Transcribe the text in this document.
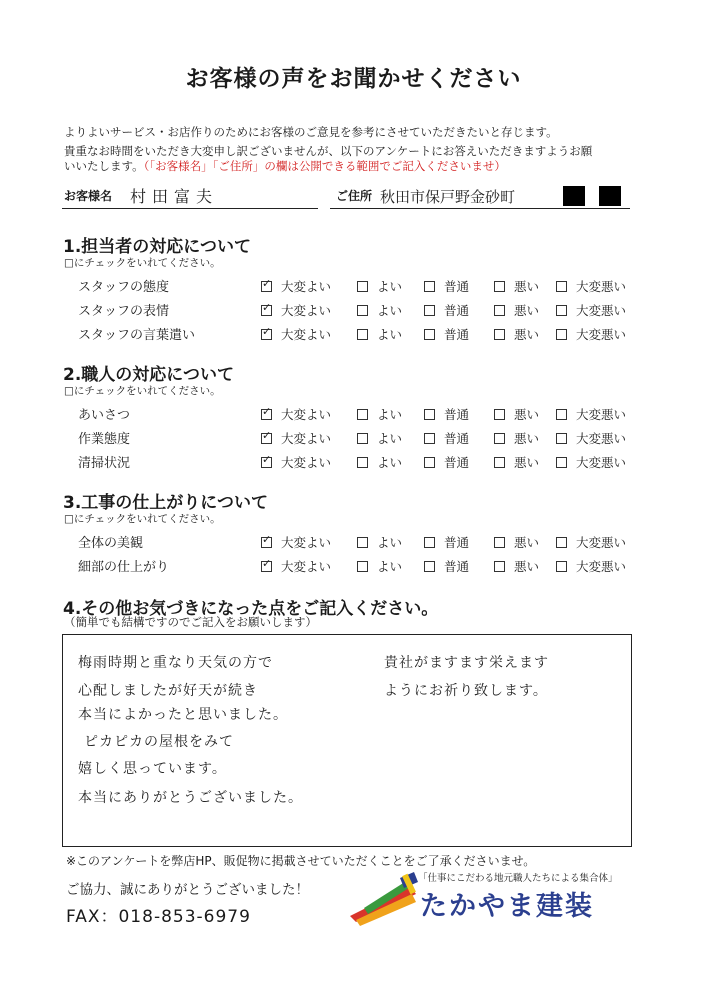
お客様の声をお聞かせください
よりよいサービス・お店作りのためにお客様のご意見を参考にさせていただきたいと存じます。
貴重なお時間をいただき大変申し訳ございませんが、以下のアンケートにお答えいただきますようお願
いいたします。（「お客様名」「ご住所」の欄は公開できる範囲でご記入くださいませ）
お客様名 村田富夫	ご住所 秋田市保戸野金砂町
1.担当者の対応について
□にチェックをいれてください。
スタッフの態度 ✓	大変よい	よい	普通	悪い	大変悪い
スタッフの表情 ✓	大変よい	よい	普通	悪い	大変悪い
スタッフの言葉遣い ✓	大変よい	よい	普通	悪い	大変悪い
2.職人の対応について
□にチェックをいれてください。
あいさつ ✓	大変よい	よい	普通	悪い	大変悪い
作業態度 ✓	大変よい	よい	普通	悪い	大変悪い
清掃状況 ✓	大変よい	よい	普通	悪い	大変悪い
3.工事の仕上がりについて
□にチェックをいれてください。
全体の美観 ✓	大変よい	よい	普通	悪い	大変悪い
細部の仕上がり ✓	大変よい	よい	普通	悪い	大変悪い
4.その他お気づきになった点をご記入ください。
（簡単でも結構ですのでご記入をお願いします）
梅雨時期と重なり天気の方で
心配しましたが好天が続き
本当によかったと思いました。
ピカピカの屋根をみて
嬉しく思っています。
本当にありがとうございました。
貴社がますます栄えます
ようにお祈り致します。
※このアンケートを弊店HP、販促物に掲載させていただくことをご了承くださいませ。
ご協力、誠にありがとうございました！
FAX：018-853-6979
「仕事にこだわる地元職人たちによる集合体」
たかやま建装
